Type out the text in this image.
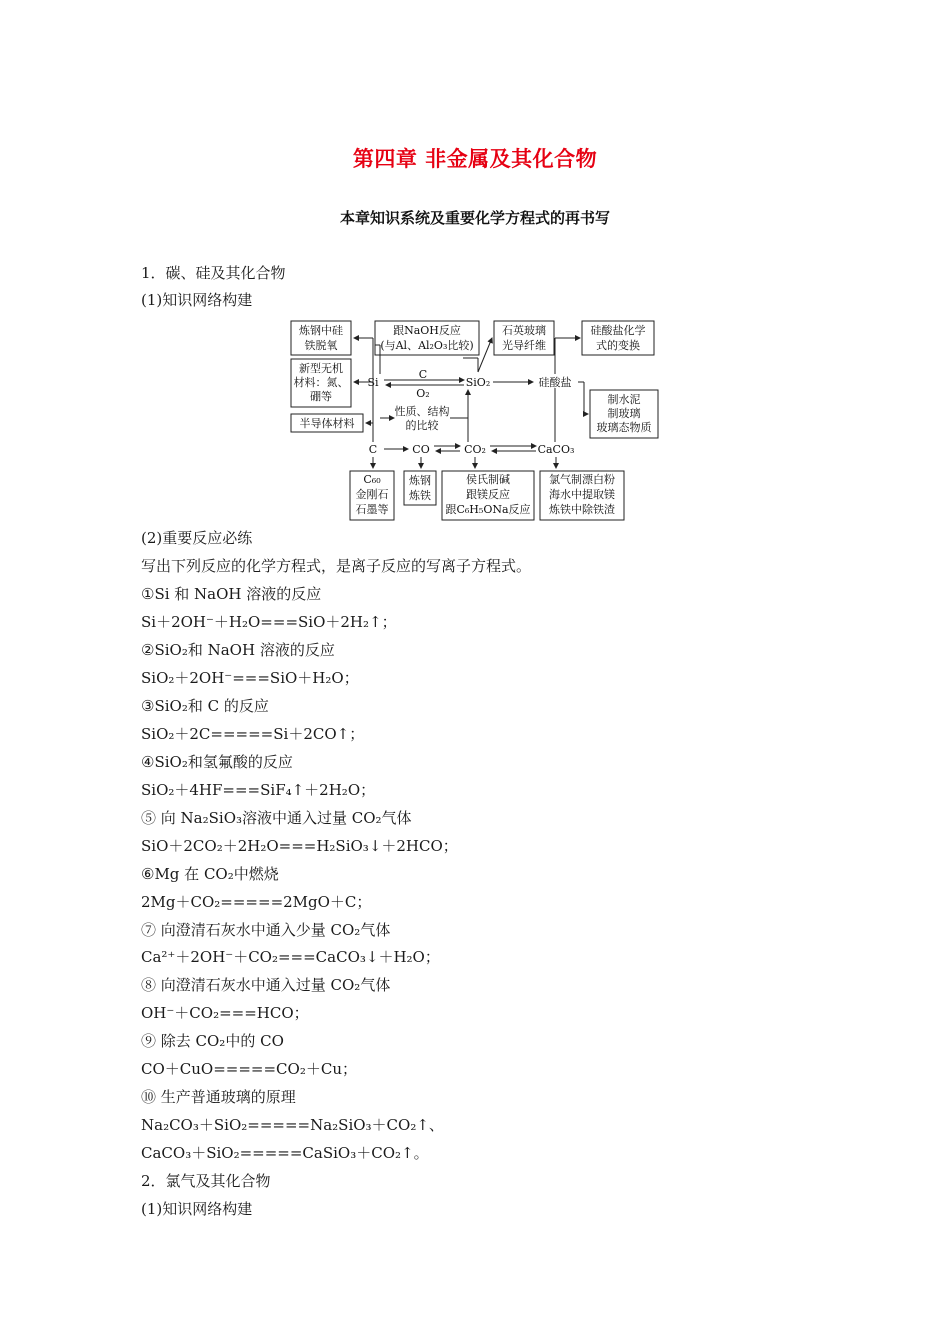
第四章 非金属及其化合物
本章知识系统及重要化学方程式的再书写
1．碳、硅及其化合物
(1)知识网络构建
炼钢中硅
铁脱氧
跟NaOH反应
(与Al、Al₂O₃比较)
石英玻璃
光导纤维
硅酸盐化学
式的变换
新型无机
材料：氮、
硼等
半导体材料
制水泥
制玻璃
玻璃态物质
C₆₀
金刚石
石墨等
炼钢
炼铁
侯氏制碱
跟镁反应
跟C₆H₅ONa反应
氯气制漂白粉
海水中提取镁
炼铁中除铁渣
Si	SiO₂	硅酸盐
C	CO	CO₂	CaCO₃
C
O₂
性质、结构
的比较
(2)重要反应必练
写出下列反应的化学方程式，是离子反应的写离子方程式。
①Si 和 NaOH 溶液的反应
Si＋2OH⁻＋H₂O===SiO＋2H₂↑；
②SiO₂和 NaOH 溶液的反应
SiO₂＋2OH⁻===SiO＋H₂O；
③SiO₂和 C 的反应
SiO₂＋2C=====Si＋2CO↑；
④SiO₂和氢氟酸的反应
SiO₂＋4HF===SiF₄↑＋2H₂O；
⑤ 向 Na₂SiO₃溶液中通入过量 CO₂气体
SiO＋2CO₂＋2H₂O===H₂SiO₃↓＋2HCO；
⑥Mg 在 CO₂中燃烧
2Mg＋CO₂=====2MgO＋C；
⑦ 向澄清石灰水中通入少量 CO₂气体
Ca²⁺＋2OH⁻＋CO₂===CaCO₃↓＋H₂O；
⑧ 向澄清石灰水中通入过量 CO₂气体
OH⁻＋CO₂===HCO；
⑨ 除去 CO₂中的 CO
CO＋CuO=====CO₂＋Cu；
⑩ 生产普通玻璃的原理
Na₂CO₃＋SiO₂=====Na₂SiO₃＋CO₂↑、
CaCO₃＋SiO₂=====CaSiO₃＋CO₂↑。
2．氯气及其化合物
(1)知识网络构建
